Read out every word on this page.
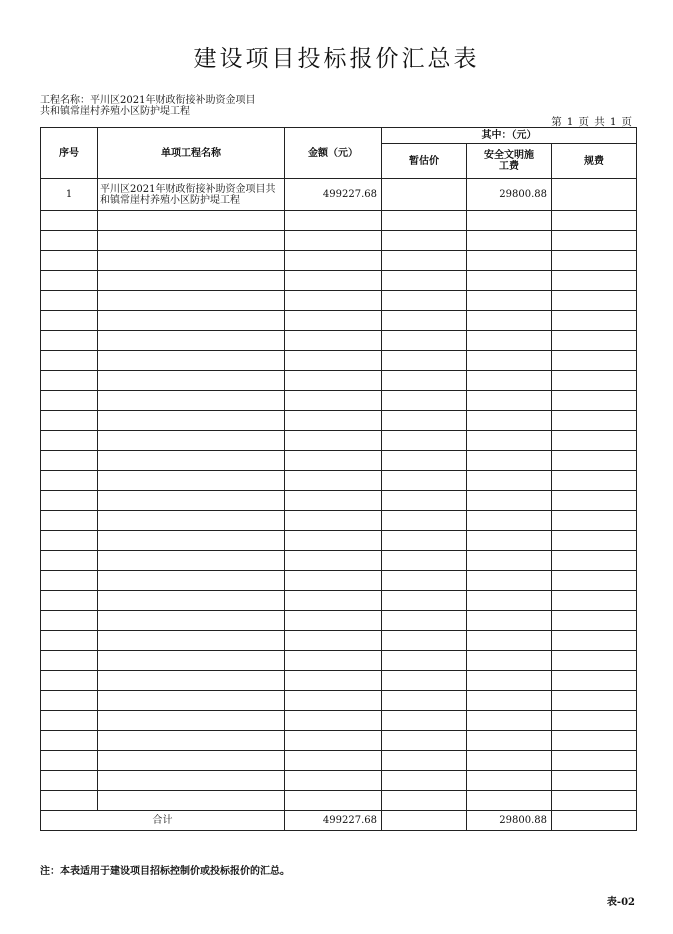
建设项目投标报价汇总表
工程名称：平川区2021年财政衔接补助资金项目共和镇常崖村养殖小区防护堤工程
第 1 页 共 1 页
序号	单项工程名称	金额（元）	其中：（元）		
			暂估价	安全文明施工费	规费
1	平川区2021年财政衔接补助资金项目共和镇常崖村养殖小区防护堤工程	499227.68		29800.88	

合计		499227.68		29800.88	
注：本表适用于建设项目招标控制价或投标报价的汇总。
表-02
